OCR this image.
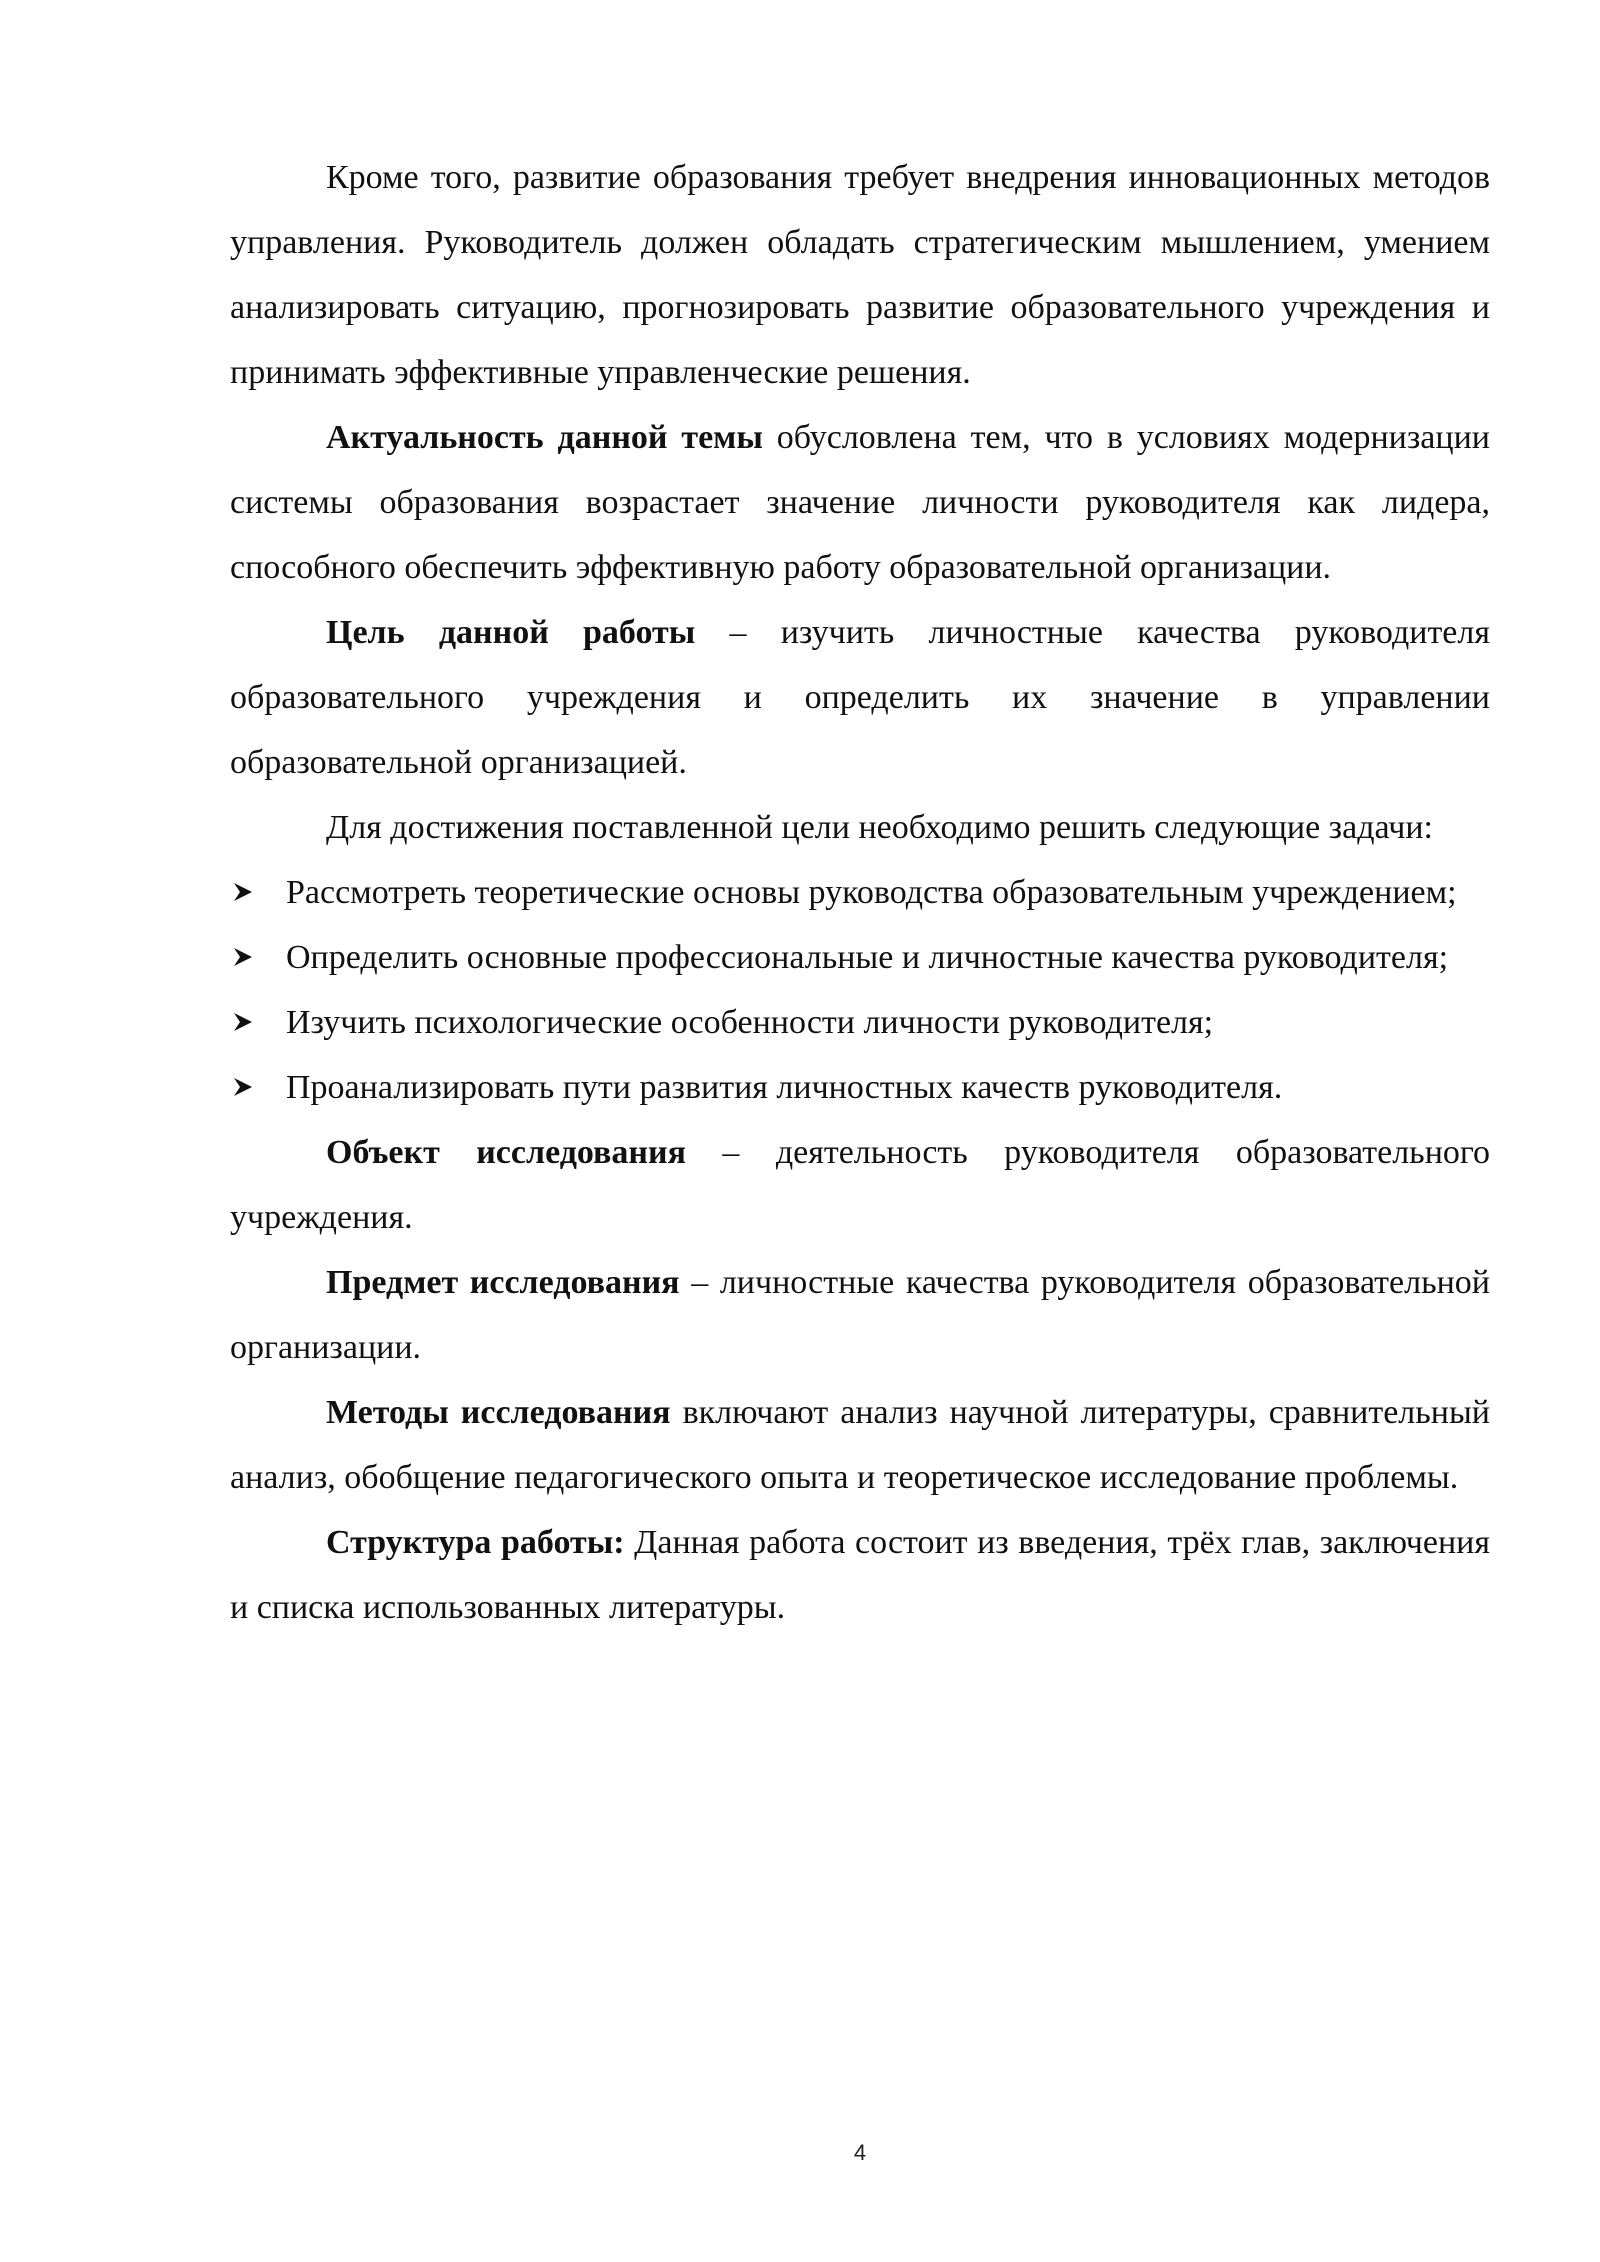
Кроме того, развитие образования требует внедрения инновационных методов управления. Руководитель должен обладать стратегическим мышлением, умением анализировать ситуацию, прогнозировать развитие образовательного учреждения и принимать эффективные управленческие решения.

Актуальность данной темы обусловлена тем, что в условиях модернизации системы образования возрастает значение личности руководителя как лидера, способного обеспечить эффективную работу образовательной организации.

Цель данной работы – изучить личностные качества руководителя образовательного учреждения и определить их значение в управлении образовательной организацией.

Для достижения поставленной цели необходимо решить следующие задачи:

Рассмотреть теоретические основы руководства образовательным учреждением;
Определить основные профессиональные и личностные качества руководителя;
Изучить психологические особенности личности руководителя;
Проанализировать пути развития личностных качеств руководителя.

Объект исследования – деятельность руководителя образовательного учреждения.

Предмет исследования – личностные качества руководителя образовательной организации.

Методы исследования включают анализ научной литературы, сравнительный анализ, обобщение педагогического опыта и теоретическое исследование проблемы.

Структура работы: Данная работа состоит из введения, трёх глав, заключения и списка использованных литературы.

4
